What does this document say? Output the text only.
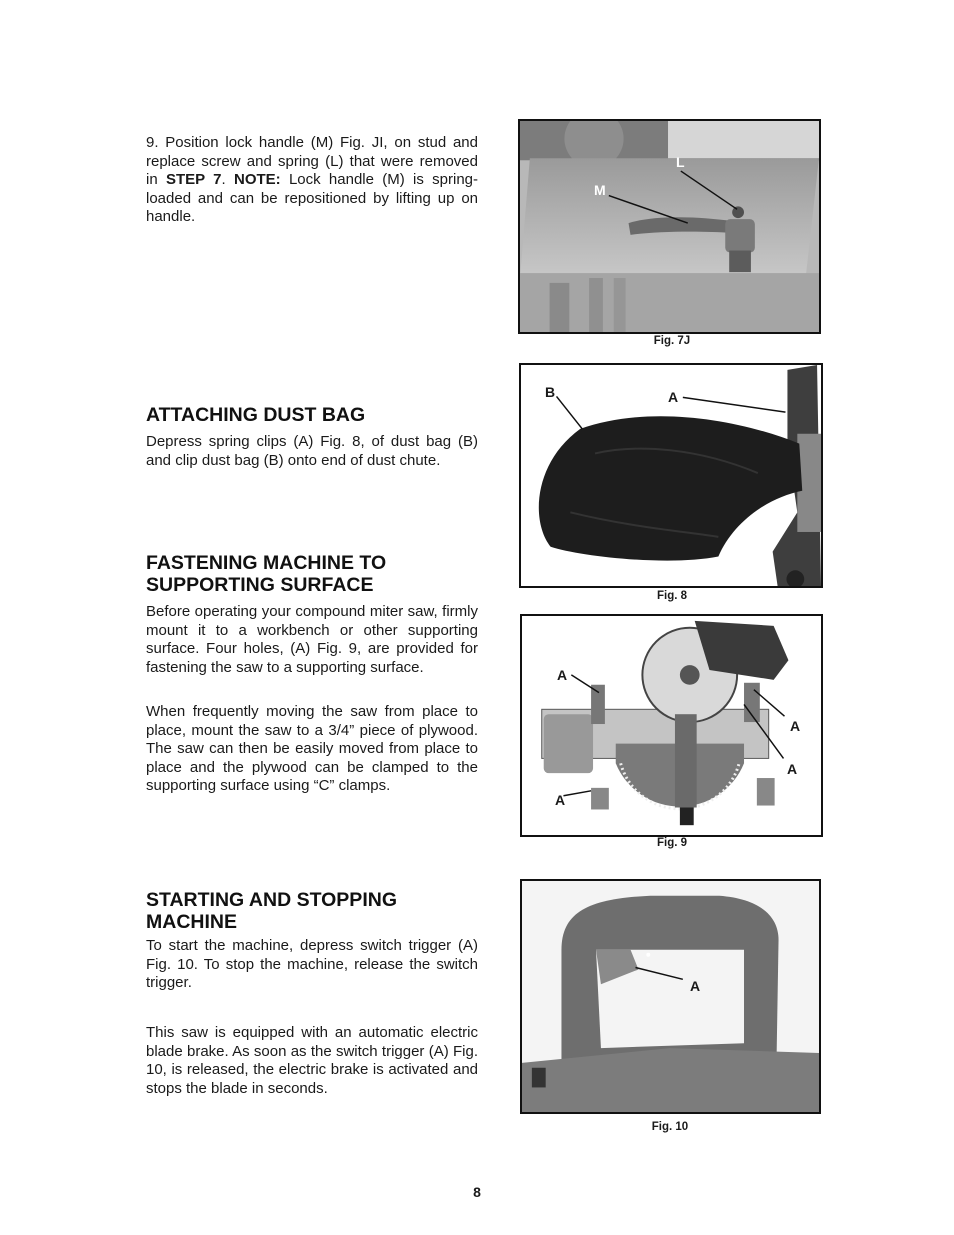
9. Position lock handle (M) Fig. JI, on stud and replace screw and spring (L) that were removed in STEP 7. NOTE: Lock handle (M) is spring-loaded and can be repositioned by lifting up on handle.

L
M
Fig. 7J
ATTACHING DUST BAG

Depress spring clips (A) Fig. 8, of dust bag (B) and clip dust bag (B) onto end of dust chute.

B	A
Fig. 8
FASTENING MACHINE TO SUPPORTING SURFACE

Before operating your compound miter saw, firmly mount it to a workbench or other supporting surface. Four holes, (A) Fig. 9, are provided for fastening the saw to a supporting surface.

When frequently moving the saw from place to place, mount the saw to a 3/4” piece of plywood. The saw can then be easily moved from place to place and the plywood can be clamped to the supporting surface using “C” clamps.

A
A
A
A
Fig. 9
STARTING AND STOPPING MACHINE

To start the machine, depress switch trigger (A) Fig. 10. To stop the machine, release the switch trigger.

This saw is equipped with an automatic electric blade brake. As soon as the switch trigger (A) Fig. 10, is released, the electric brake is activated and stops the blade in seconds.

A
Fig. 10
8
